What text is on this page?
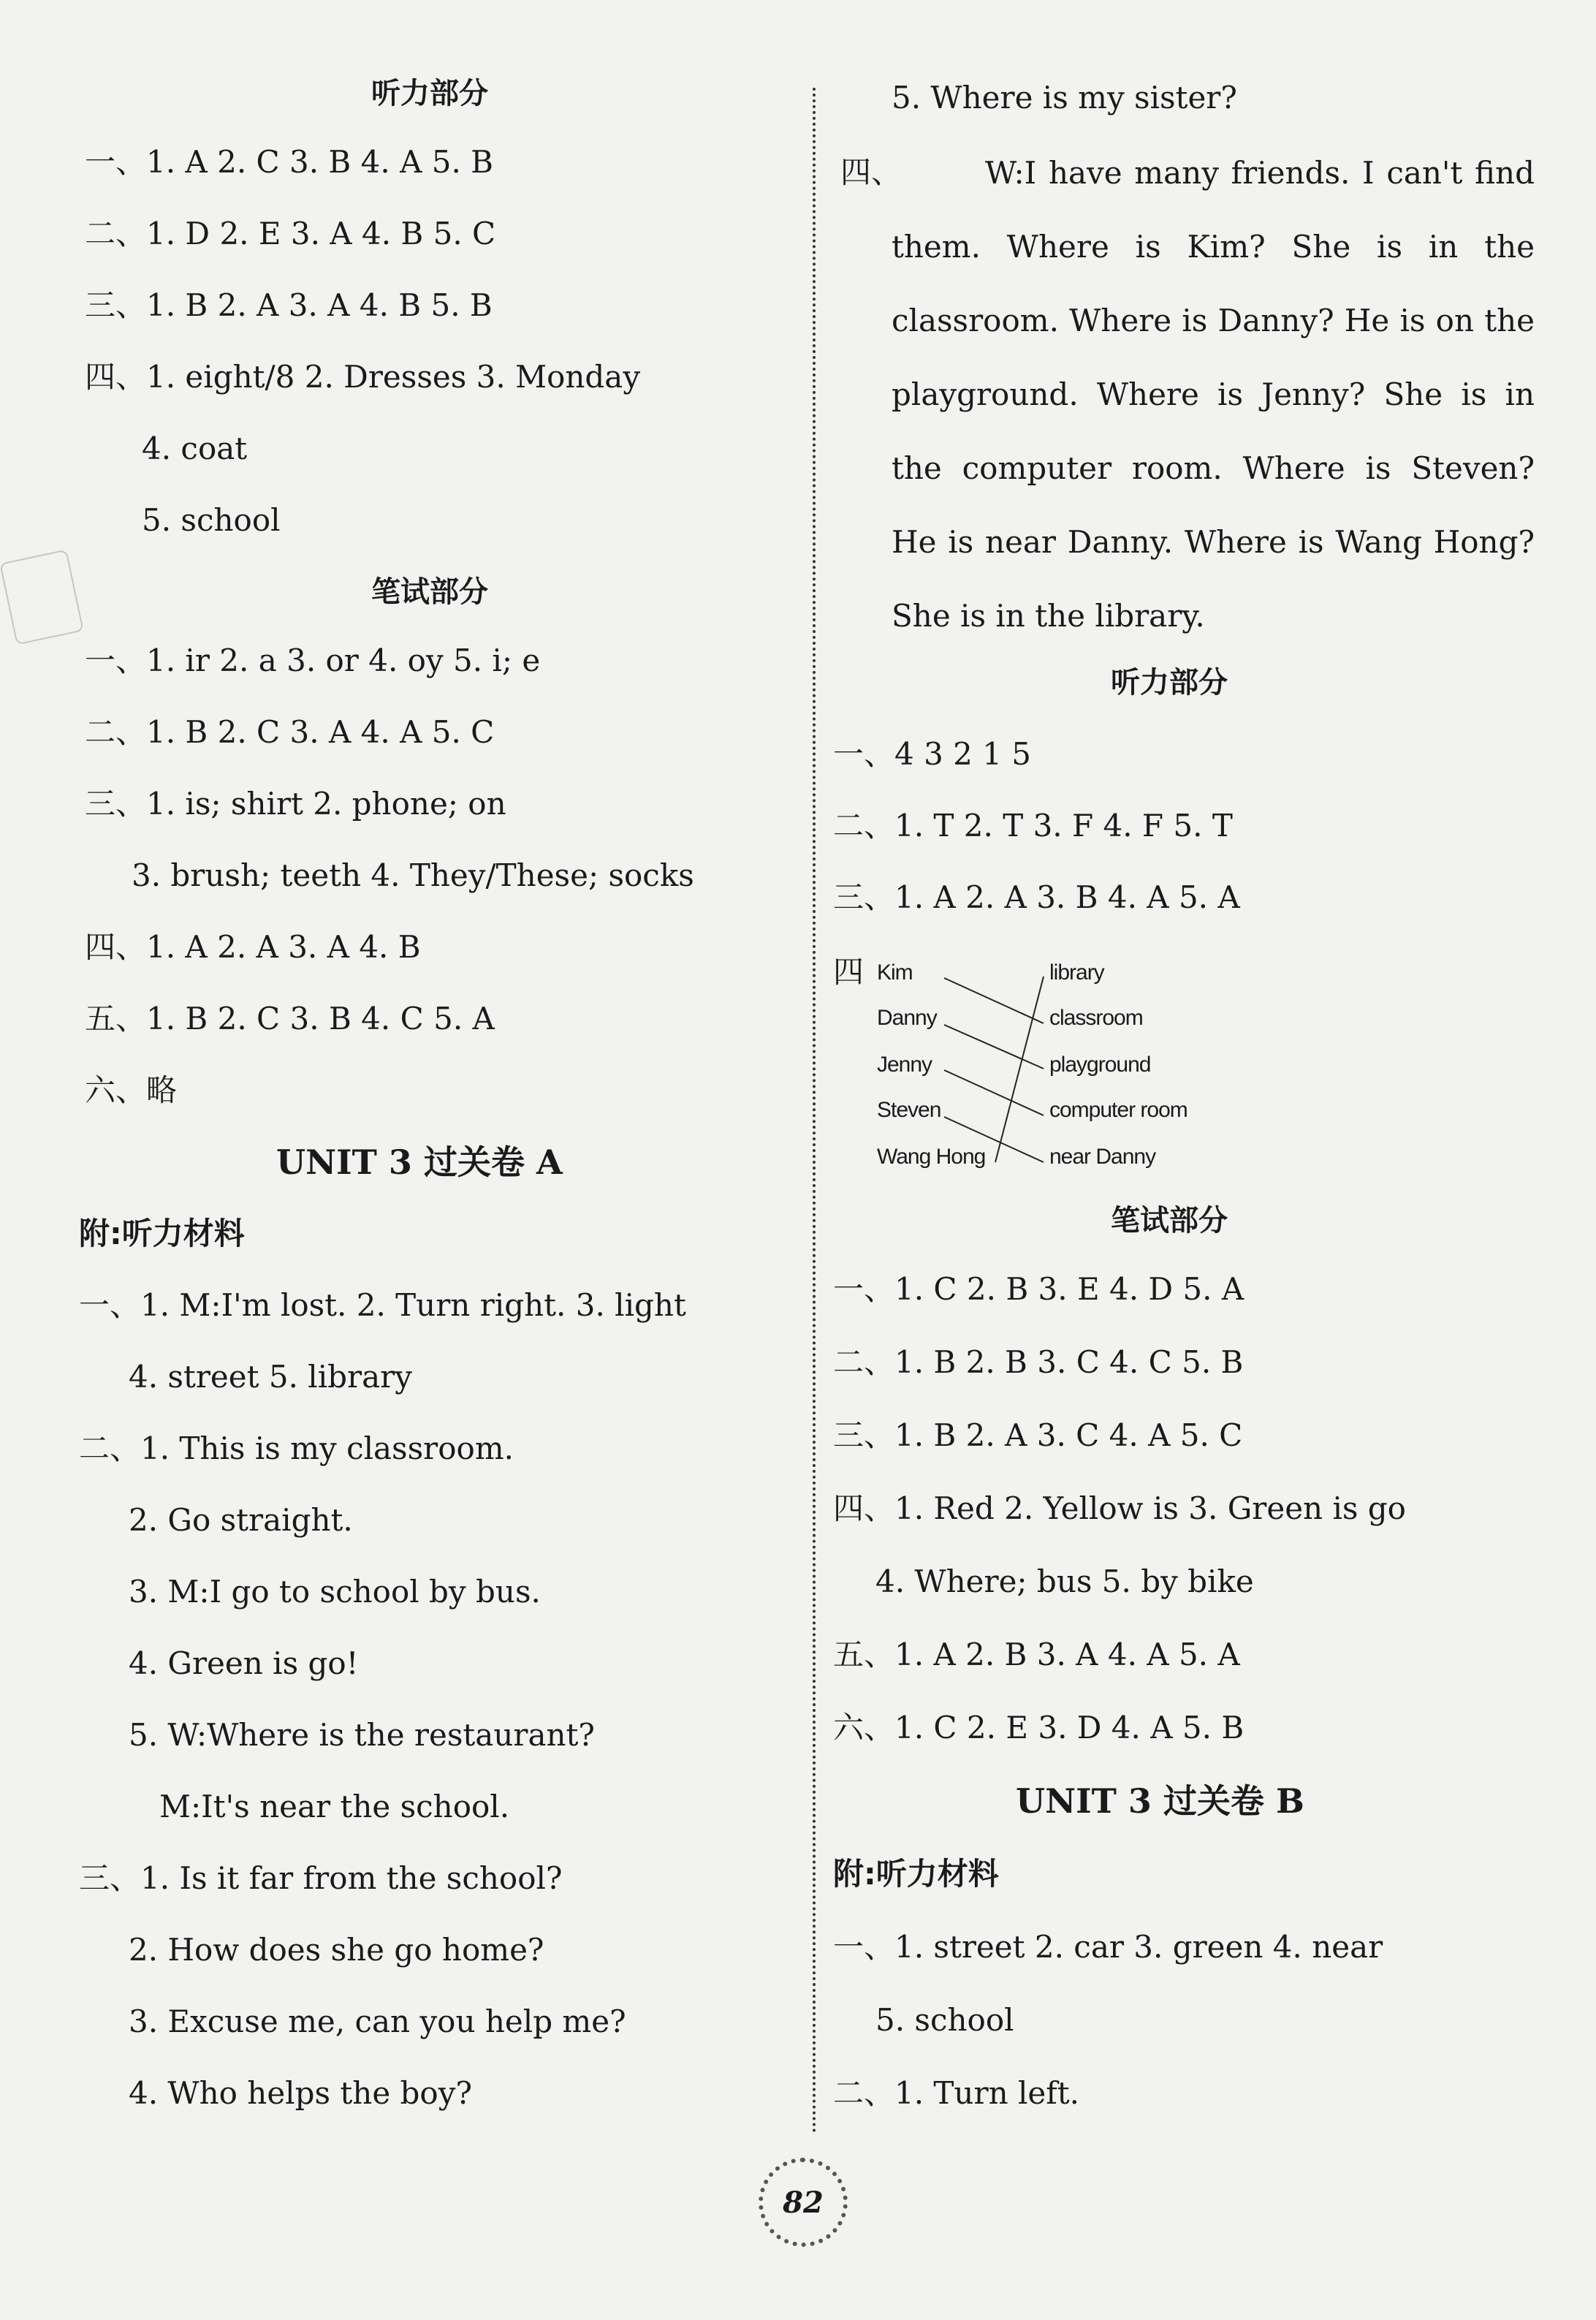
听力部分
一、1. A 2. C 3. B 4. A 5. B
二、1. D 2. E 3. A 4. B 5. C
三、1. B 2. A 3. A 4. B 5. B
四、1. eight/8 2. Dresses 3. Monday
4. coat
5. school
笔试部分
一、1. ir 2. a 3. or 4. oy 5. i; e
二、1. B 2. C 3. A 4. A 5. C
三、1. is; shirt 2. phone; on
3. brush; teeth 4. They/These; socks
四、1. A 2. A 3. A 4. B
五、1. B 2. C 3. B 4. C 5. A
六、略
UNIT 3 过关卷 A
附:听力材料
一、1. M:I'm lost. 2. Turn right. 3. light
4. street 5. library
二、1. This is my classroom.
2. Go straight.
3. M:I go to school by bus.
4. Green is go!
5. W:Where is the restaurant?
M:It's near the school.
三、1. Is it far from the school?
2. How does she go home?
3. Excuse me, can you help me?
4. Who helps the boy?
5. Where is my sister?
四、	W:I have many friends. I can't find them. Where is Kim? She is in the classroom. Where is Danny? He is on the playground. Where is Jenny? She is in the computer room. Where is Steven? He is near Danny. Where is Wang Hong? She is in the library.
听力部分
一、4 3 2 1 5
二、1. T 2. T 3. F 4. F 5. T
三、1. A 2. A 3. B 4. A 5. A
四
笔试部分
一、1. C 2. B 3. E 4. D 5. A
二、1. B 2. B 3. C 4. C 5. B
三、1. B 2. A 3. C 4. A 5. C
四、1. Red 2. Yellow is 3. Green is go
4. Where; bus 5. by bike
五、1. A 2. B 3. A 4. A 5. A
六、1. C 2. E 3. D 4. A 5. B
UNIT 3 过关卷 B
附:听力材料
一、1. street 2. car 3. green 4. near
5. school
二、1. Turn left.
Kim
Danny
Jenny
Steven
Wang Hong
library
classroom
playground
computer room
near Danny
82
